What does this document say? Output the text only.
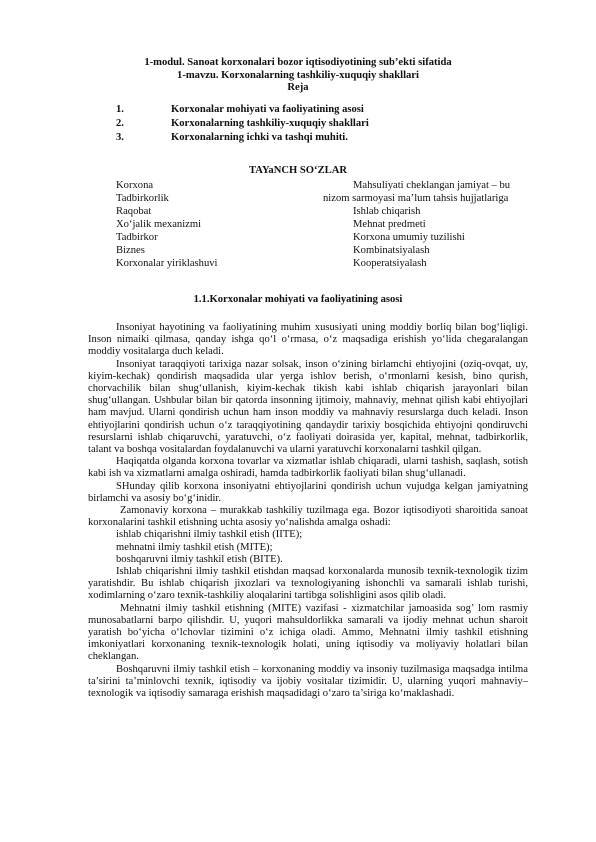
1-modul. Sanoat korxonalari bozor iqtisodiyotining sub’ekti sifatida
1-mavzu. Korxonalarning tashkiliy-xuquqiy shakllari
Reja
1.	Korxonalar mohiyati va faoliyatining asosi
2.	Korxonalarning tashkiliy-xuquqiy shakllari
3.	Korxonalarning ichki va tashqi muhiti.
TAYaNCH SO‘ZLAR
Korxona	Mahsuliyati cheklangan jamiyat – bu
Tadbirkorlik	nizom sarmoyasi ma’lum tahsis hujjatlariga
Raqobat	Ishlab chiqarish
Xo‘jalik mexanizmi	Mehnat predmeti
Tadbirkor	Korxona umumiy tuzilishi
Biznes	Kombinatsiyalash
Korxonalar yiriklashuvi	Kooperatsiyalash
1.1.Korxonalar mohiyati va faoliyatining asosi

Insoniyat hayotining va faoliyatining muhim xususiyati uning moddiy borliq bilan bog‘liqligi. Inson nimaiki qilmasa, qanday ishga qo‘l o‘rmasa, o‘z maqsadiga erishish yo‘lida chegaralangan moddiy vositalarga duch keladi.

Insoniyat taraqqiyoti tarixiga nazar solsak, inson o‘zining birlamchi ehtiyojini (oziq-ovqat, uy, kiyim-kechak) qondirish maqsadida ular yerga ishlov berish, o‘rmonlarni kesish, bino qurish, chorvachilik bilan shug‘ullanish, kiyim-kechak tikish kabi ishlab chiqarish jarayonlari bilan shug‘ullangan. Ushbular bilan bir qatorda insonning ijtimoiy, mahnaviy, mehnat qilish kabi ehtiyojlari ham mavjud. Ularni qondirish uchun ham inson moddiy va mahnaviy resurslarga duch keladi. Inson ehtiyojlarini qondirish uchun o‘z taraqqiyotining qandaydir tarixiy bosqichida ehtiyojni qondiruvchi resurslarni ishlab chiqaruvchi, yaratuvchi, o‘z faoliyati doirasida yer, kapital, mehnat, tadbirkorlik, talant va boshqa vositalardan foydalanuvchi va ularni yaratuvchi korxonalarni tashkil qilgan.

Haqiqatda olganda korxona tovarlar va xizmatlar ishlab chiqaradi, ularni tashish, saqlash, sotish kabi ish va xizmatlarni amalga oshiradi, hamda tadbirkorlik faoliyati bilan shug‘ullanadi.

SHunday qilib korxona insoniyatni ehtiyojlarini qondirish uchun vujudga kelgan jamiyatning birlamchi va asosiy bo‘g‘inidir.

Zamonaviy korxona – murakkab tashkiliy tuzilmaga ega. Bozor iqtisodiyoti sharoitida sanoat korxonalarini tashkil etishning uchta asosiy yo‘nalishda amalga oshadi:

ishlab chiqarishni ilmiy tashkil etish (IITE);

mehnatni ilmiy tashkil etish (MITE);

boshqaruvni ilmiy tashkil etish (BITE).

Ishlab chiqarishni ilmiy tashkil etishdan maqsad korxonalarda munosib texnik-texnologik tizim yaratishdir. Bu ishlab chiqarish jixozlari va texnologiyaning ishonchli va samarali ishlab turishi, xodimlarning o‘zaro texnik-tashkiliy aloqalarini tartibga solishligini asos qilib oladi.

Mehnatni ilmiy tashkil etishning (MITE) vazifasi - xizmatchilar jamoasida sog’ lom rasmiy munosabatlarni barpo qilishdir. U, yuqori mahsuldorlikka samarali va ijodiy mehnat uchun sharoit yaratish bo‘yicha o‘lchovlar tizimini o‘z ichiga oladi. Ammo, Mehnatni ilmiy tashkil etishning imkoniyatlari korxonaning texnik-texnologik holati, uning iqtisodiy va moliyaviy holatlari bilan cheklangan.

Boshqaruvni ilmiy tashkil etish – korxonaning moddiy va insoniy tuzilmasiga maqsadga intilma ta’sirini ta’minlovchi texnik, iqtisodiy va ijobiy vositalar tizimidir. U, ularning yuqori mahnaviy–texnologik va iqtisodiy samaraga erishish maqsadidagi o‘zaro ta’siriga ko‘maklashadi.
